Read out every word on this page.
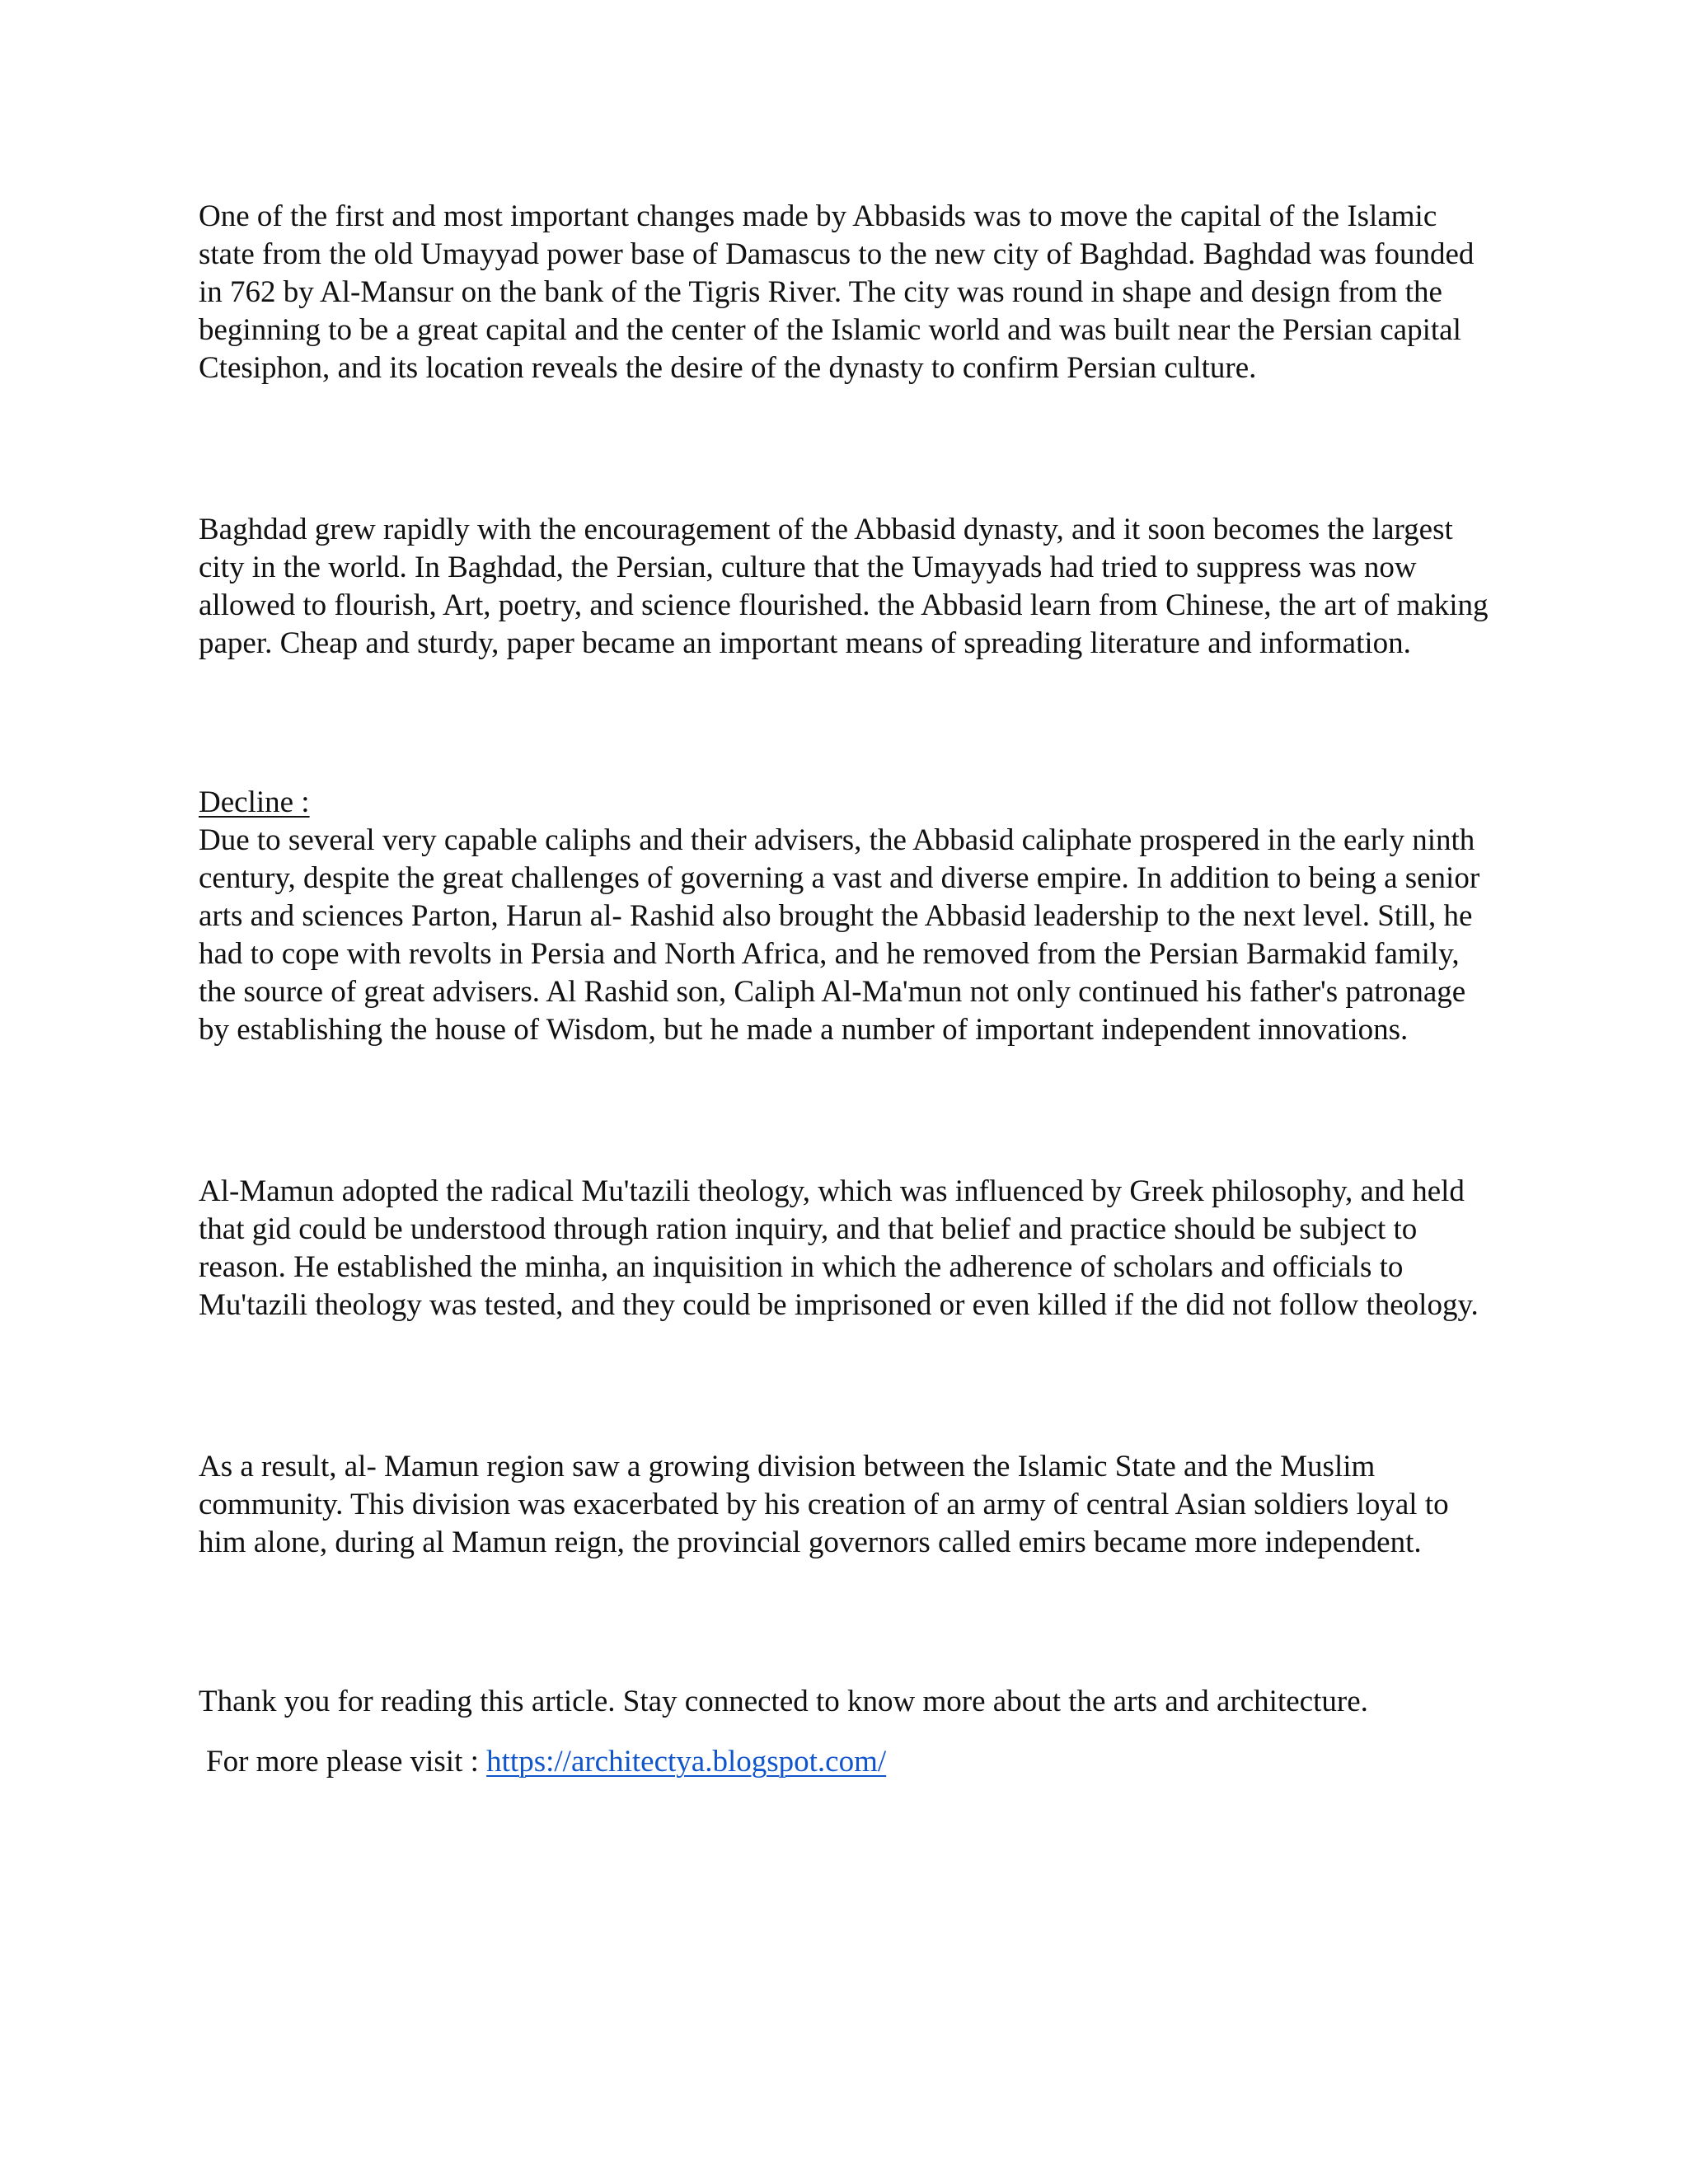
One of the first and most important changes made by Abbasids was to move the capital of the Islamic
state from the old Umayyad power base of Damascus to the new city of Baghdad. Baghdad was founded
in 762 by Al-Mansur on the bank of the Tigris River. The city was round in shape and design from the
beginning to be a great capital and the center of the Islamic world and was built near the Persian capital
Ctesiphon, and its location reveals the desire of the dynasty to confirm Persian culture.

Baghdad grew rapidly with the encouragement of the Abbasid dynasty, and it soon becomes the largest
city in the world. In Baghdad, the Persian, culture that the Umayyads had tried to suppress was now
allowed to flourish, Art, poetry, and science flourished. the Abbasid learn from Chinese, the art of making
paper. Cheap and sturdy, paper became an important means of spreading literature and information.

Decline :
Due to several very capable caliphs and their advisers, the Abbasid caliphate prospered in the early ninth
century, despite the great challenges of governing a vast and diverse empire. In addition to being a senior
arts and sciences Parton, Harun al- Rashid also brought the Abbasid leadership to the next level. Still, he
had to cope with revolts in Persia and North Africa, and he removed from the Persian Barmakid family,
the source of great advisers. Al Rashid son, Caliph Al-Ma'mun not only continued his father's patronage
by establishing the house of Wisdom, but he made a number of important independent innovations.

Al-Mamun adopted the radical Mu'tazili theology, which was influenced by Greek philosophy, and held
that gid could be understood through ration inquiry, and that belief and practice should be subject to
reason. He established the minha, an inquisition in which the adherence of scholars and officials to
Mu'tazili theology was tested, and they could be imprisoned or even killed if the did not follow theology.

As a result, al- Mamun region saw a growing division between the Islamic State and the Muslim
community. This division was exacerbated by his creation of an army of central Asian soldiers loyal to
him alone, during al Mamun reign, the provincial governors called emirs became more independent.

Thank you for reading this article. Stay connected to know more about the arts and architecture.

For more please visit : https://architectya.blogspot.com/
